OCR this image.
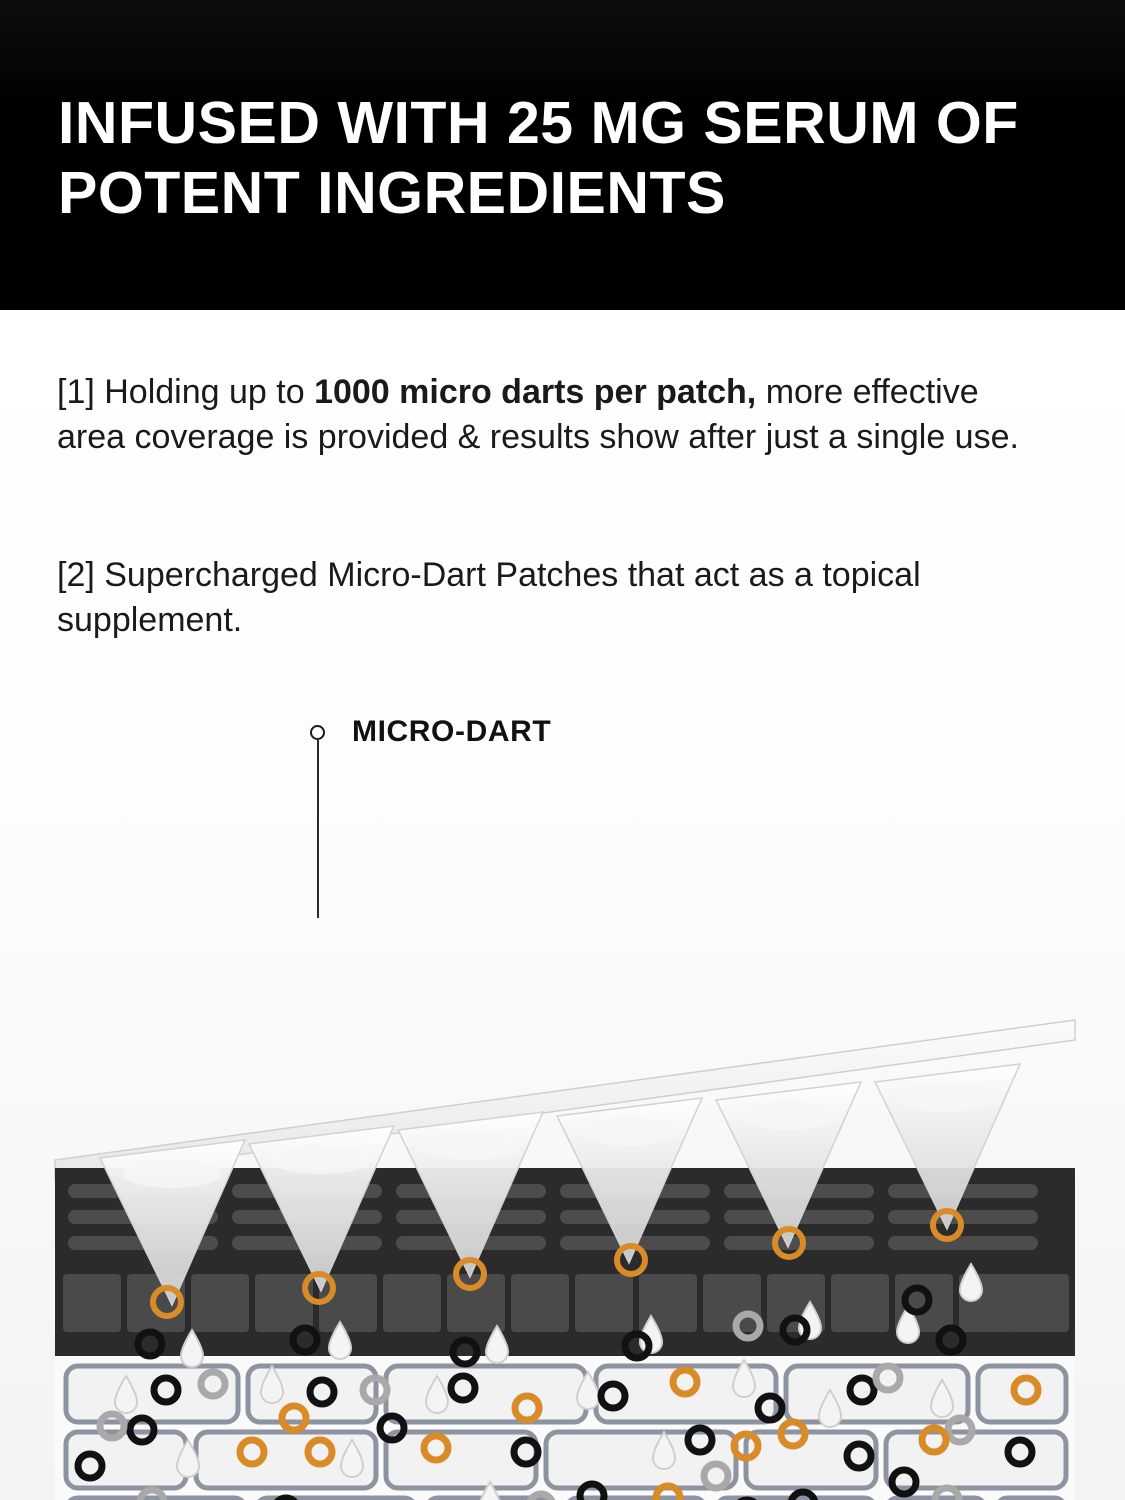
INFUSED WITH 25 MG SERUM OF POTENT INGREDIENTS
[1] Holding up to 1000 micro darts per patch, more effective area coverage is provided & results show after just a single use.
[2] Supercharged Micro-Dart Patches that act as a topical supplement.
MICRO-DART
